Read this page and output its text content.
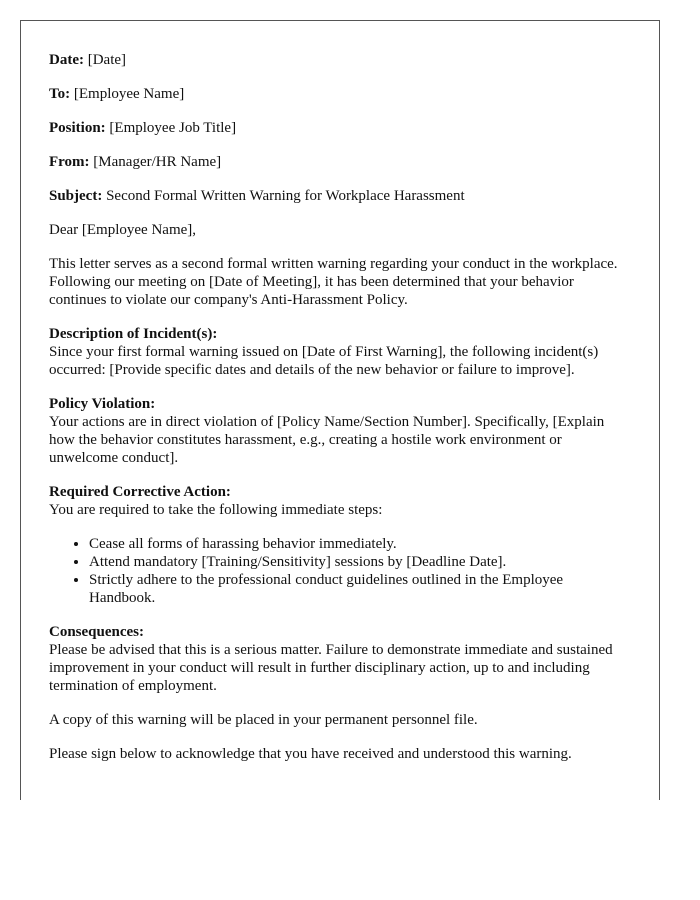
Date: [Date]

To: [Employee Name]

Position: [Employee Job Title]

From: [Manager/HR Name]

Subject: Second Formal Written Warning for Workplace Harassment

Dear [Employee Name],

This letter serves as a second formal written warning regarding your conduct in the workplace. Following our meeting on [Date of Meeting], it has been determined that your behavior continues to violate our company's Anti-Harassment Policy.

Description of Incident(s):
Since your first formal warning issued on [Date of First Warning], the following incident(s) occurred: [Provide specific dates and details of the new behavior or failure to improve].

Policy Violation:
Your actions are in direct violation of [Policy Name/Section Number]. Specifically, [Explain how the behavior constitutes harassment, e.g., creating a hostile work environment or unwelcome conduct].

Required Corrective Action:
You are required to take the following immediate steps:

• Cease all forms of harassing behavior immediately.
• Attend mandatory [Training/Sensitivity] sessions by [Deadline Date].
• Strictly adhere to the professional conduct guidelines outlined in the Employee Handbook.

Consequences:
Please be advised that this is a serious matter. Failure to demonstrate immediate and sustained improvement in your conduct will result in further disciplinary action, up to and including termination of employment.

A copy of this warning will be placed in your permanent personnel file.

Please sign below to acknowledge that you have received and understood this warning.
